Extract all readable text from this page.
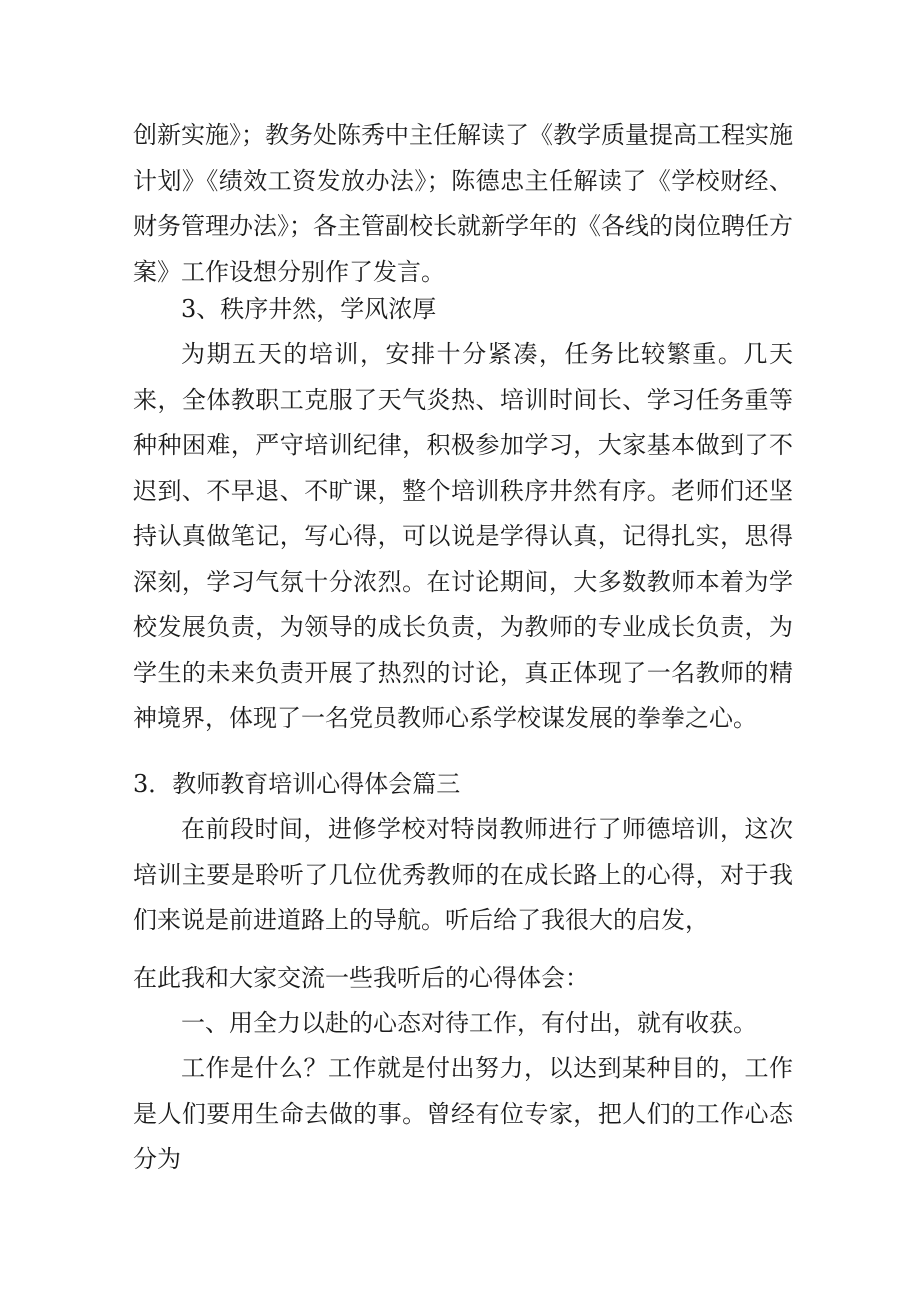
创新实施》；教务处陈秀中主任解读了《教学质量提高工程实施计划》《绩效工资发放办法》；陈德忠主任解读了《学校财经、财务管理办法》；各主管副校长就新学年的《各线的岗位聘任方案》工作设想分别作了发言。

3、秩序井然，学风浓厚

为期五天的培训，安排十分紧凑，任务比较繁重。几天来，全体教职工克服了天气炎热、培训时间长、学习任务重等种种困难，严守培训纪律，积极参加学习，大家基本做到了不迟到、不早退、不旷课，整个培训秩序井然有序。老师们还坚持认真做笔记，写心得，可以说是学得认真，记得扎实，思得深刻，学习气氛十分浓烈。在讨论期间，大多数教师本着为学校发展负责，为领导的成长负责，为教师的专业成长负责，为学生的未来负责开展了热烈的讨论，真正体现了一名教师的精神境界，体现了一名党员教师心系学校谋发展的拳拳之心。

3．教师教育培训心得体会篇三

在前段时间，进修学校对特岗教师进行了师德培训，这次培训主要是聆听了几位优秀教师的在成长路上的心得，对于我们来说是前进道路上的导航。听后给了我很大的启发，

在此我和大家交流一些我听后的心得体会：

一、用全力以赴的心态对待工作，有付出，就有收获。

工作是什么？工作就是付出努力，以达到某种目的，工作是人们要用生命去做的事。曾经有位专家，把人们的工作心态分为
